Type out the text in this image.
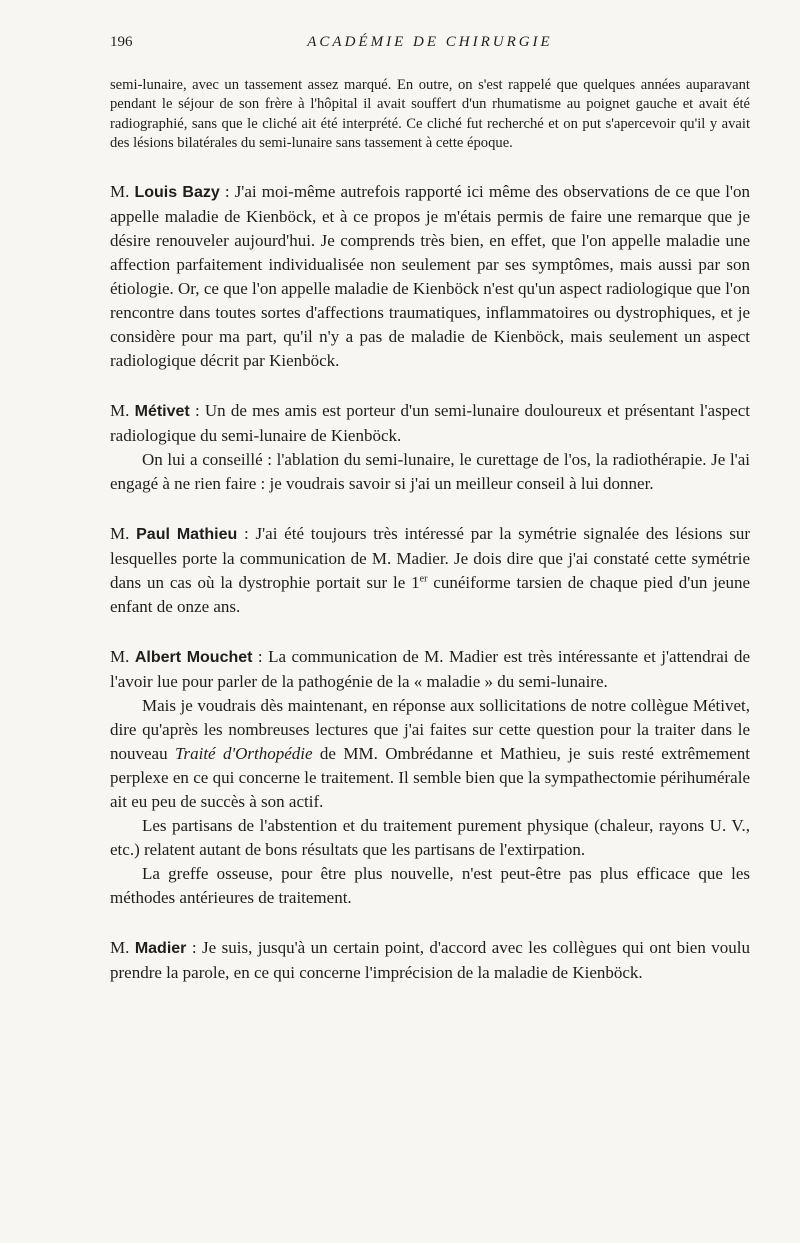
196	ACADÉMIE DE CHIRURGIE

semi-lunaire, avec un tassement assez marqué. En outre, on s'est rappelé que quelques années auparavant pendant le séjour de son frère à l'hôpital il avait souffert d'un rhumatisme au poignet gauche et avait été radiographié, sans que le cliché ait été interprété. Ce cliché fut recherché et on put s'apercevoir qu'il y avait des lésions bilatérales du semi-lunaire sans tassement à cette époque.

M. Louis Bazy : J'ai moi-même autrefois rapporté ici même des observations de ce que l'on appelle maladie de Kienböck, et à ce propos je m'étais permis de faire une remarque que je désire renouveler aujourd'hui. Je comprends très bien, en effet, que l'on appelle maladie une affection parfaitement individualisée non seulement par ses symptômes, mais aussi par son étiologie. Or, ce que l'on appelle maladie de Kienböck n'est qu'un aspect radiologique que l'on rencontre dans toutes sortes d'affections traumatiques, inflammatoires ou dystrophiques, et je considère pour ma part, qu'il n'y a pas de maladie de Kienböck, mais seulement un aspect radiologique décrit par Kienböck.

M. Métivet : Un de mes amis est porteur d'un semi-lunaire douloureux et présentant l'aspect radiologique du semi-lunaire de Kienböck.

On lui a conseillé : l'ablation du semi-lunaire, le curettage de l'os, la radiothérapie. Je l'ai engagé à ne rien faire : je voudrais savoir si j'ai un meilleur conseil à lui donner.

M. Paul Mathieu : J'ai été toujours très intéressé par la symétrie signalée des lésions sur lesquelles porte la communication de M. Madier. Je dois dire que j'ai constaté cette symétrie dans un cas où la dystrophie portait sur le 1er cunéiforme tarsien de chaque pied d'un jeune enfant de onze ans.

M. Albert Mouchet : La communication de M. Madier est très intéressante et j'attendrai de l'avoir lue pour parler de la pathogénie de la « maladie » du semi-lunaire.

Mais je voudrais dès maintenant, en réponse aux sollicitations de notre collègue Métivet, dire qu'après les nombreuses lectures que j'ai faites sur cette question pour la traiter dans le nouveau Traité d'Orthopédie de MM. Ombrédanne et Mathieu, je suis resté extrêmement perplexe en ce qui concerne le traitement. Il semble bien que la sympathectomie périhumérale ait eu peu de succès à son actif.

Les partisans de l'abstention et du traitement purement physique (chaleur, rayons U. V., etc.) relatent autant de bons résultats que les partisans de l'extirpation.

La greffe osseuse, pour être plus nouvelle, n'est peut-être pas plus efficace que les méthodes antérieures de traitement.

M. Madier : Je suis, jusqu'à un certain point, d'accord avec les collègues qui ont bien voulu prendre la parole, en ce qui concerne l'imprécision de la maladie de Kienböck.
